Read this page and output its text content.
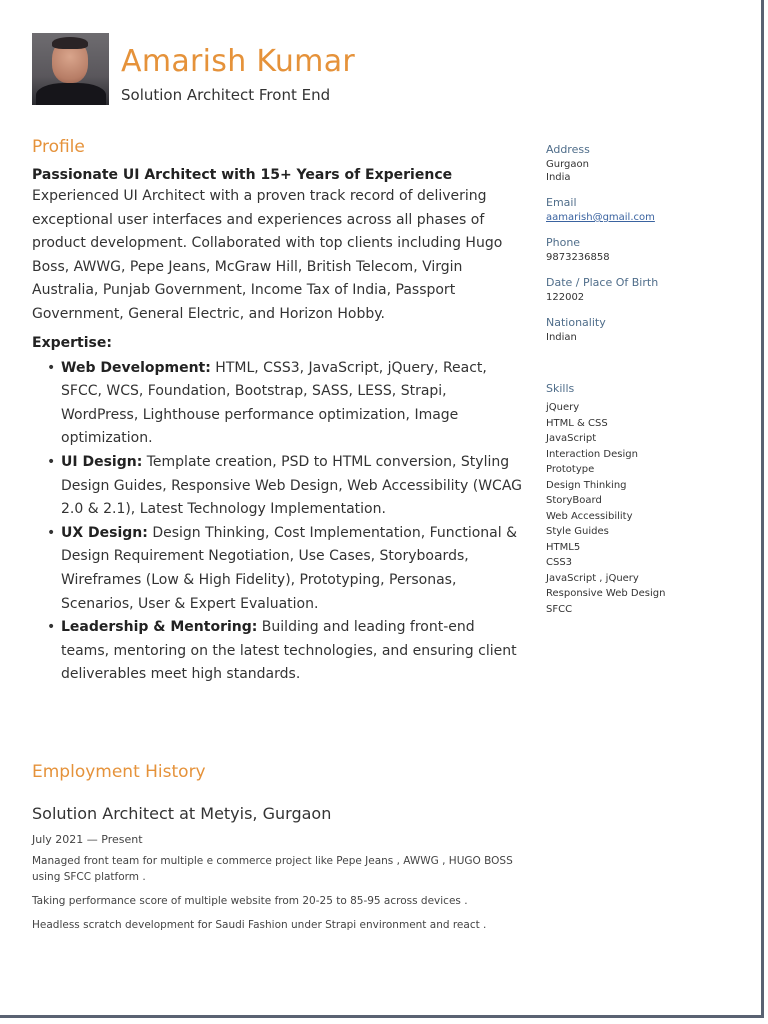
Amarish Kumar
Solution Architect Front End
Profile

Passionate UI Architect with 15+ Years of Experience

Experienced UI Architect with a proven track record of delivering exceptional user interfaces and experiences across all phases of product development. Collaborated with top clients including Hugo Boss, AWWG, Pepe Jeans, McGraw Hill, British Telecom, Virgin Australia, Punjab Government, Income Tax of India, Passport Government, General Electric, and Horizon Hobby.

Expertise:

• Web Development: HTML, CSS3, JavaScript, jQuery, React, SFCC, WCS, Foundation, Bootstrap, SASS, LESS, Strapi, WordPress, Lighthouse performance optimization, Image optimization.
• UI Design: Template creation, PSD to HTML conversion, Styling Design Guides, Responsive Web Design, Web Accessibility (WCAG 2.0 & 2.1), Latest Technology Implementation.
• UX Design: Design Thinking, Cost Implementation, Functional & Design Requirement Negotiation, Use Cases, Storyboards, Wireframes (Low & High Fidelity), Prototyping, Personas, Scenarios, User & Expert Evaluation.
• Leadership & Mentoring: Building and leading front-end teams, mentoring on the latest technologies, and ensuring client deliverables meet high standards.
Employment History
Solution Architect at Metyis, Gurgaon
July 2021 — Present

Managed front team for multiple e commerce project like Pepe Jeans , AWWG , HUGO BOSS using SFCC platform .

Taking performance score of multiple website from 20-25 to 85-95 across devices .

Headless scratch development for Saudi Fashion under Strapi environment and react .

Address

Gurgaon

India

Email

aamarish@gmail.com

Phone

9873236858

Date / Place Of Birth

122002

Nationality

Indian

Skills

jQuery
HTML & CSS
JavaScript
Interaction Design
Prototype
Design Thinking
StoryBoard
Web Accessibility
Style Guides
HTML5
CSS3
JavaScript , jQuery
Responsive Web Design
SFCC
